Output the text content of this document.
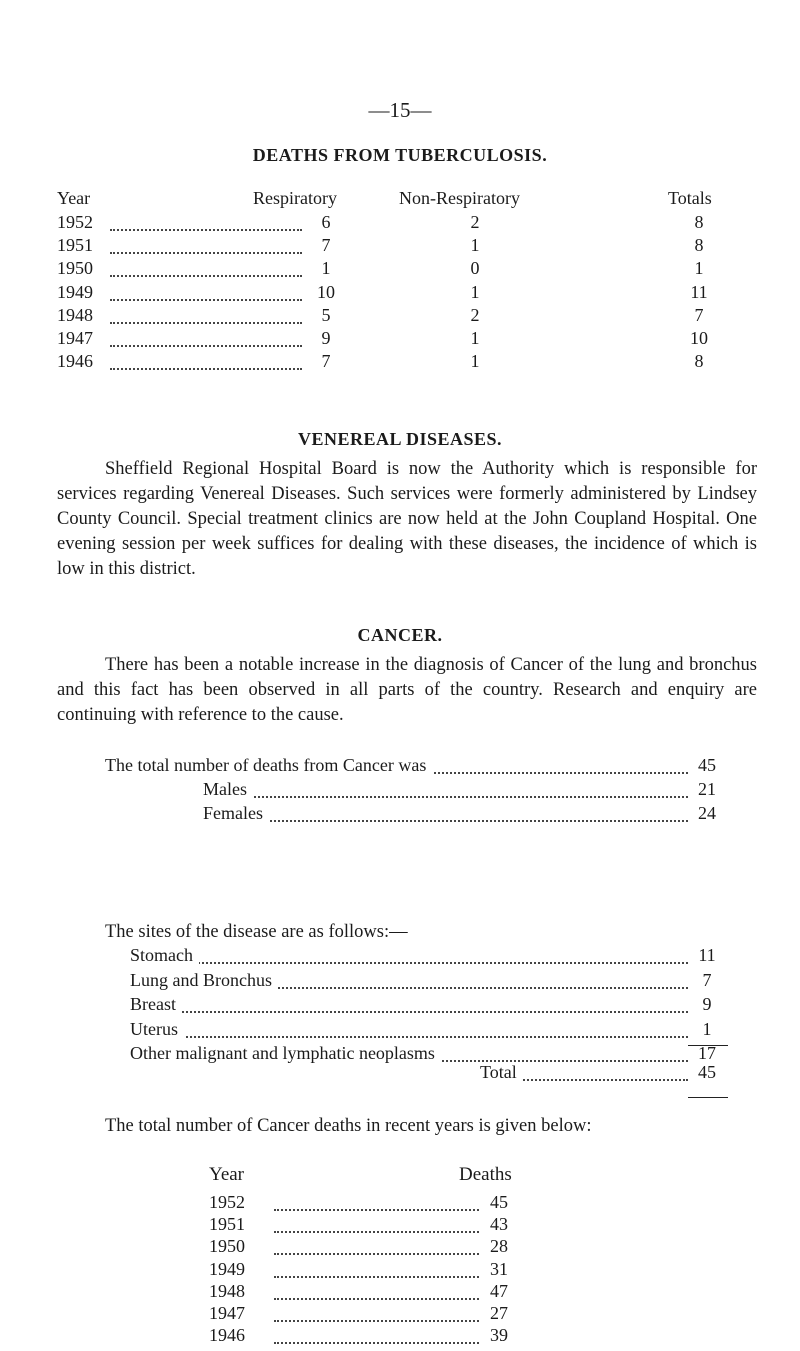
—15—
DEATHS FROM TUBERCULOSIS.
Year	Respiratory	Non-Respiratory	Totals
1952	6	2	8
1951	7	1	8
1950	1	0	1
1949	10	1	11
1948	5	2	7
1947	9	1	10
1946	7	1	8
VENEREAL DISEASES.
Sheffield Regional Hospital Board is now the Authority which is responsible for services regarding Venereal Diseases. Such services were formerly administered by Lindsey County Council. Special treatment clinics are now held at the John Coupland Hospital. One evening session per week suffices for dealing with these diseases, the incidence of which is low in this district.
CANCER.
There has been a notable increase in the diagnosis of Cancer of the lung and bronchus and this fact has been observed in all parts of the country. Research and enquiry are continuing with reference to the cause.
The total number of deaths from Cancer was	45
Males	21
Females	24
The sites of the disease are as follows:—
Stomach	11
Lung and Bronchus	7
Breast	9
Uterus	1
Other malignant and lymphatic neoplasms	17
Total	45
The total number of Cancer deaths in recent years is given below:
Year	Deaths
1952	45
1951	43
1950	28
1949	31
1948	47
1947	27
1946	39
